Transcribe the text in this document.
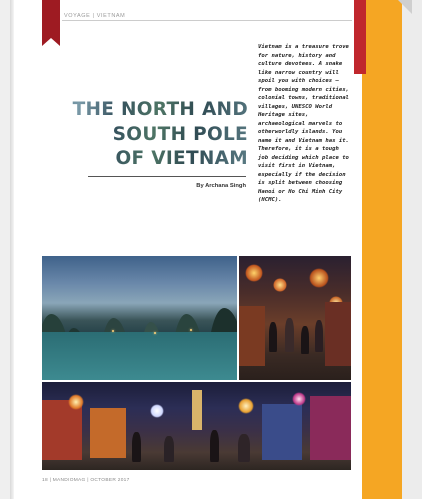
VOYAGE | VIETNAM
THE NORTH AND
SOUTH POLE
OF VIETNAM
By Archana Singh
Vietnam is a treasure trove for nature, history and culture devotees. A snake like narrow country will spoil you with choices – from booming modern cities, colonial towns, traditional villages, UNESCO World Heritage sites, archaeological marvels to otherworldly islands. You name it and Vietnam has it. Therefore, it is a tough job deciding which place to visit first in Vietnam, especially if the decision is split between choosing Hanoi or Ho Chi Minh City (HCMC).
18 | MANDIOMAG | OCTOBER 2017
